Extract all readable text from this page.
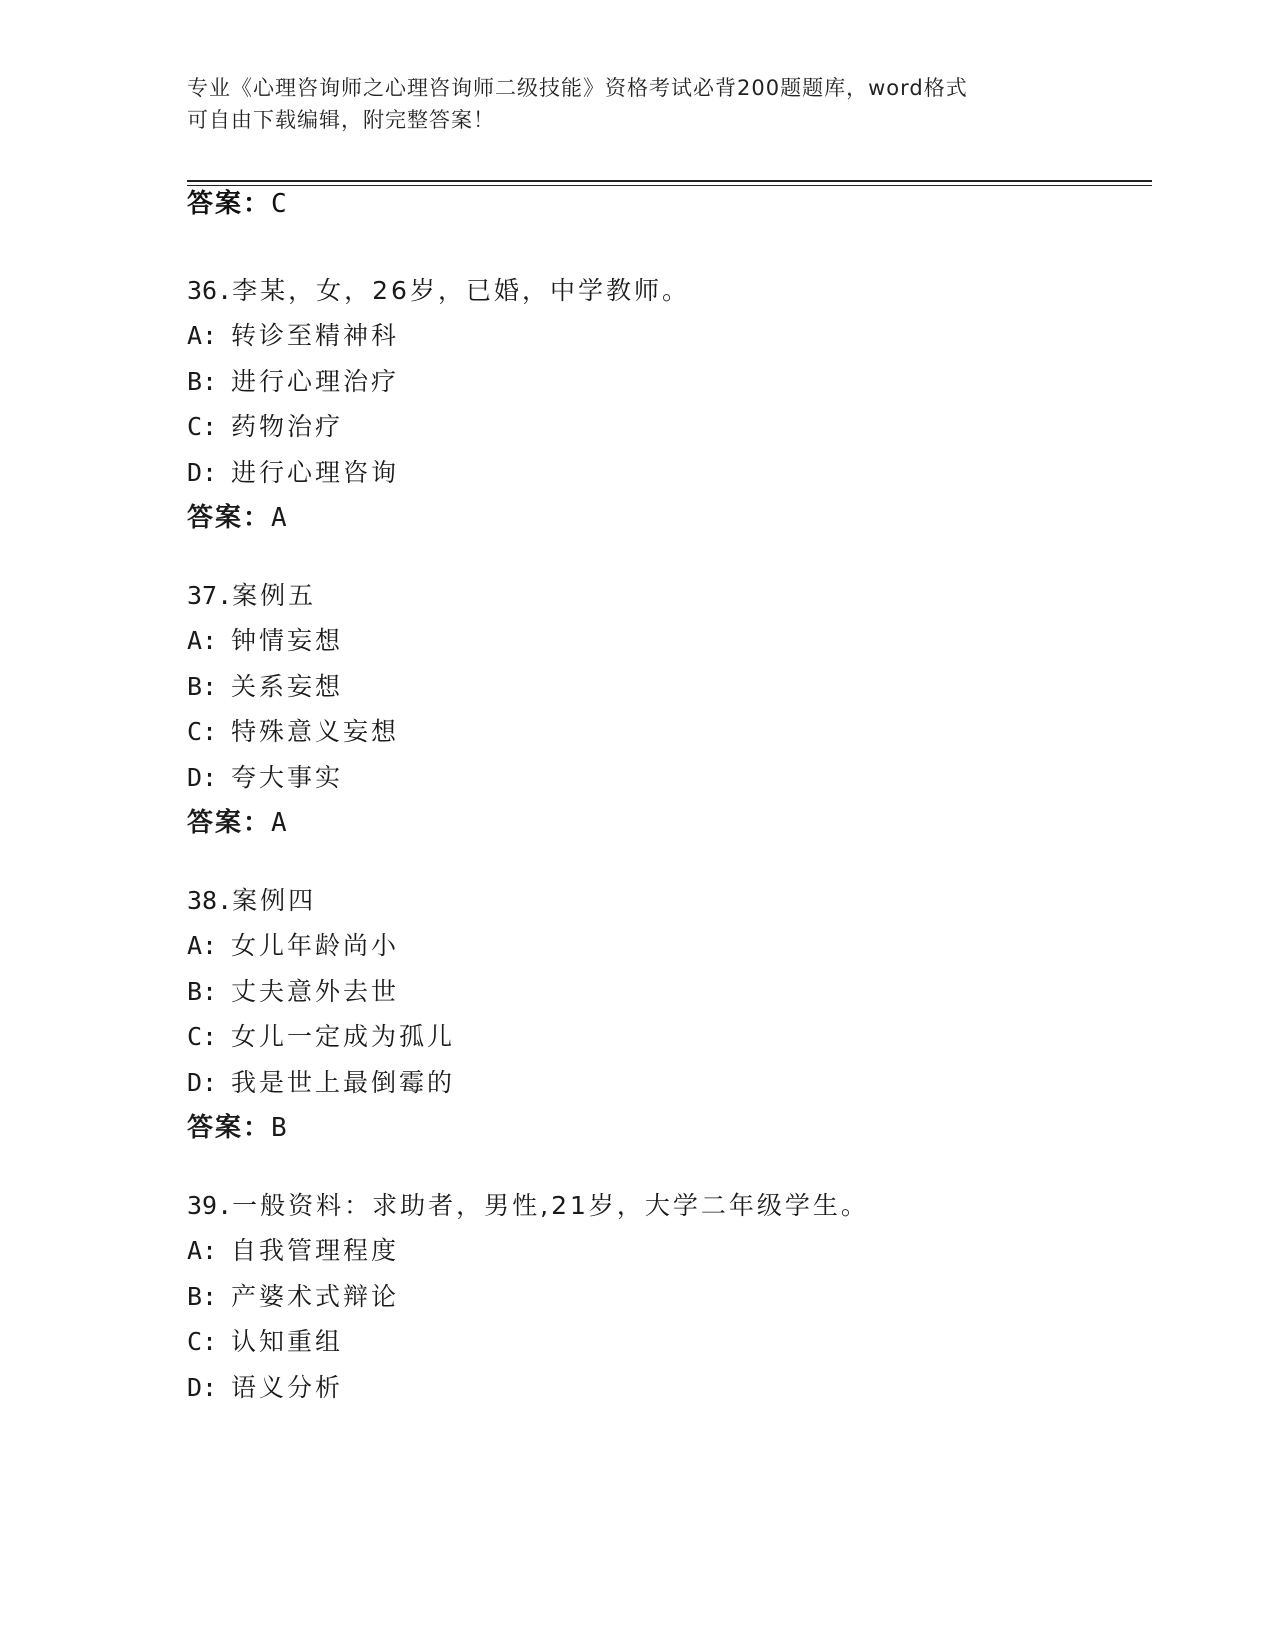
专业《心理咨询师之心理咨询师二级技能》资格考试必背200题题库，word格式
可自由下载编辑，附完整答案！
答案：C
36.李某，女，26岁，已婚，中学教师。
A: 转诊至精神科
B: 进行心理治疗
C: 药物治疗
D: 进行心理咨询
答案：A
37.案例五
A: 钟情妄想
B: 关系妄想
C: 特殊意义妄想
D: 夸大事实
答案：A
38.案例四
A: 女儿年龄尚小
B: 丈夫意外去世
C: 女儿一定成为孤儿
D: 我是世上最倒霉的
答案：B
39.一般资料：求助者，男性,21岁，大学二年级学生。
A: 自我管理程度
B: 产婆术式辩论
C: 认知重组
D: 语义分析
